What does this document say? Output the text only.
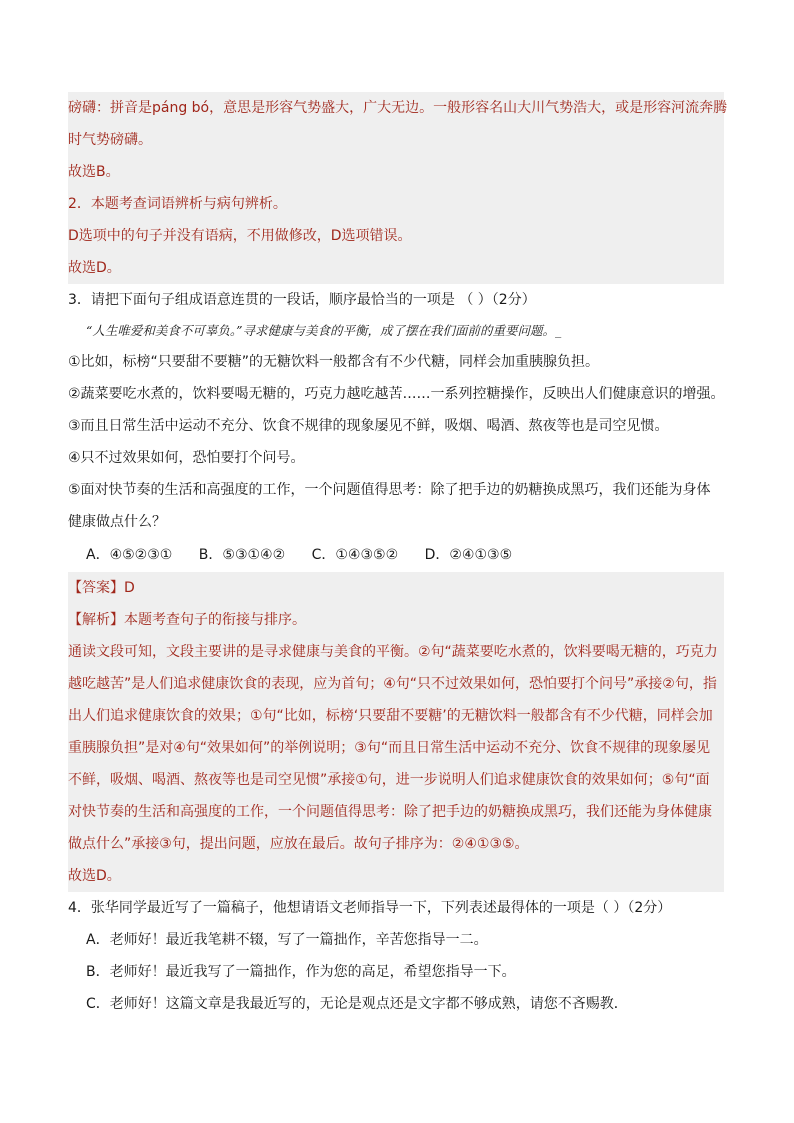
磅礴：拼音是páng bó，意思是形容气势盛大，广大无边。一般形容名山大川气势浩大，或是形容河流奔腾

时气势磅礴。

故选B。

2．本题考查词语辨析与病句辨析。

D选项中的句子并没有语病，不用做修改，D选项错误。

故选D。

3．请把下面句子组成语意连贯的一段话，顺序最恰当的一项是 （ ）（2分）

“人生唯爱和美食不可辜负。”寻求健康与美食的平衡，成了摆在我们面前的重要问题。_

①比如，标榜“只要甜不要糖”的无糖饮料一般都含有不少代糖，同样会加重胰腺负担。

②蔬菜要吃水煮的，饮料要喝无糖的，巧克力越吃越苦……一系列控糖操作，反映出人们健康意识的增强。

③而且日常生活中运动不充分、饮食不规律的现象屡见不鲜，吸烟、喝酒、熬夜等也是司空见惯。

④只不过效果如何，恐怕要打个问号。

⑤面对快节奏的生活和高强度的工作，一个问题值得思考：除了把手边的奶糖换成黑巧，我们还能为身体

健康做点什么？

A．④⑤②③① B．⑤③①④② C．①④③⑤② D．②④①③⑤

【答案】D

【解析】本题考查句子的衔接与排序。

通读文段可知，文段主要讲的是寻求健康与美食的平衡。②句“蔬菜要吃水煮的，饮料要喝无糖的，巧克力

越吃越苦”是人们追求健康饮食的表现，应为首句；④句“只不过效果如何，恐怕要打个问号”承接②句，指

出人们追求健康饮食的效果；①句“比如，标榜‘只要甜不要糖’的无糖饮料一般都含有不少代糖，同样会加

重胰腺负担”是对④句“效果如何”的举例说明；③句“而且日常生活中运动不充分、饮食不规律的现象屡见

不鲜，吸烟、喝酒、熬夜等也是司空见惯”承接①句，进一步说明人们追求健康饮食的效果如何；⑤句“面

对快节奏的生活和高强度的工作，一个问题值得思考：除了把手边的奶糖换成黑巧，我们还能为身体健康

做点什么”承接③句，提出问题，应放在最后。故句子排序为：②④①③⑤。

故选D。

4．张华同学最近写了一篇稿子，他想请语文老师指导一下，下列表述最得体的一项是（ ）（2分）

A．老师好！最近我笔耕不辍，写了一篇拙作，辛苦您指导一二。

B．老师好！最近我写了一篇拙作，作为您的高足，希望您指导一下。

C．老师好！这篇文章是我最近写的，无论是观点还是文字都不够成熟，请您不吝赐教．
